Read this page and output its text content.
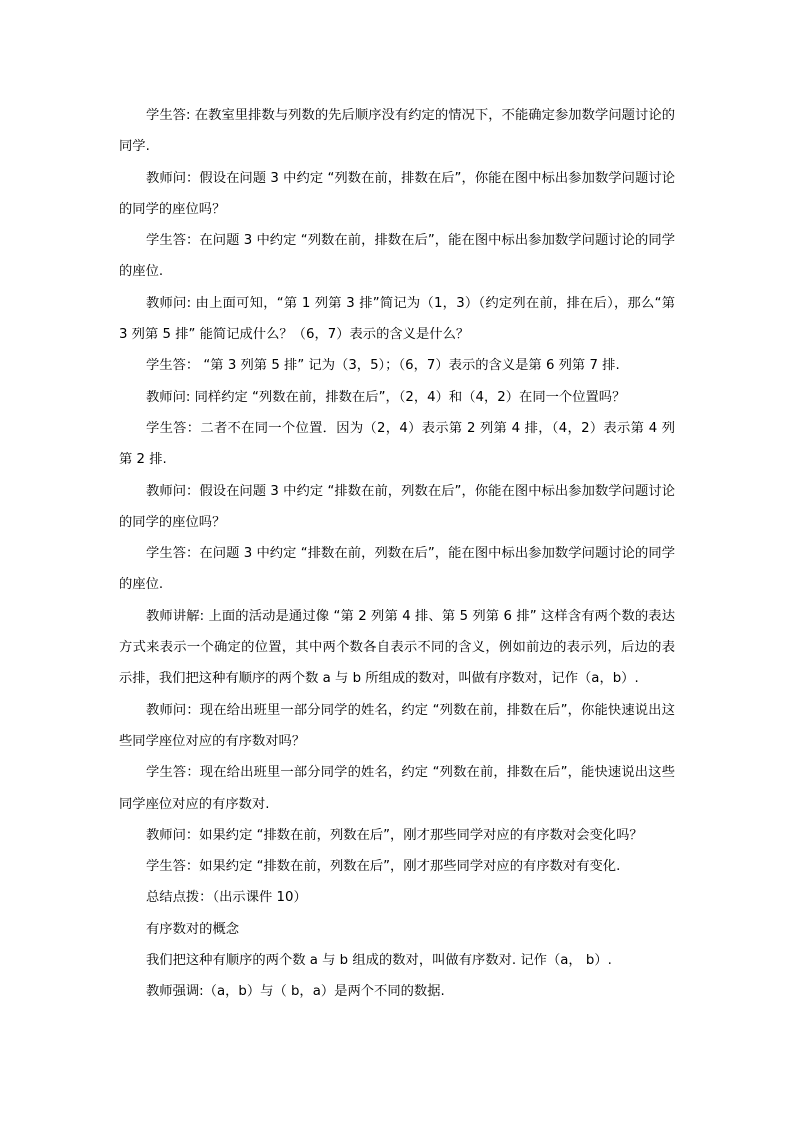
学生答: 在教室里排数与列数的先后顺序没有约定的情况下，不能确定参加数学问题讨论的同学.

教师问：假设在问题 3 中约定 “列数在前，排数在后”，你能在图中标出参加数学问题讨论的同学的座位吗？

学生答：在问题 3 中约定 “列数在前，排数在后”，能在图中标出参加数学问题讨论的同学的座位.

教师问: 由上面可知，“第 1 列第 3 排”简记为（1，3）（约定列在前，排在后），那么“第 3 列第 5 排” 能简记成什么？（6，7）表示的含义是什么？

学生答： “第 3 列第 5 排” 记为（3，5）；（6，7）表示的含义是第 6 列第 7 排.

教师问: 同样约定 “列数在前，排数在后”，（2，4）和（4，2）在同一个位置吗？

学生答：二者不在同一个位置．因为（2，4）表示第 2 列第 4 排，（4，2）表示第 4 列第 2 排.

教师问：假设在问题 3 中约定 “排数在前，列数在后”，你能在图中标出参加数学问题讨论的同学的座位吗？

学生答：在问题 3 中约定 “排数在前，列数在后”，能在图中标出参加数学问题讨论的同学的座位.

教师讲解: 上面的活动是通过像 “第 2 列第 4 排、第 5 列第 6 排” 这样含有两个数的表达方式来表示一个确定的位置，其中两个数各自表示不同的含义，例如前边的表示列，后边的表示排，我们把这种有顺序的两个数 a 与 b 所组成的数对，叫做有序数对，记作（a，b）.

教师问：现在给出班里一部分同学的姓名，约定 “列数在前，排数在后”，你能快速说出这些同学座位对应的有序数对吗？

学生答：现在给出班里一部分同学的姓名，约定 “列数在前，排数在后”，能快速说出这些同学座位对应的有序数对.

教师问：如果约定 “排数在前，列数在后”，刚才那些同学对应的有序数对会变化吗？

学生答：如果约定 “排数在前，列数在后”，刚才那些同学对应的有序数对有变化.

总结点拨：（出示课件 10）

有序数对的概念

我们把这种有顺序的两个数 a 与 b 组成的数对，叫做有序数对. 记作（a， b）.

教师强调:（a，b）与（ b，a）是两个不同的数据.
